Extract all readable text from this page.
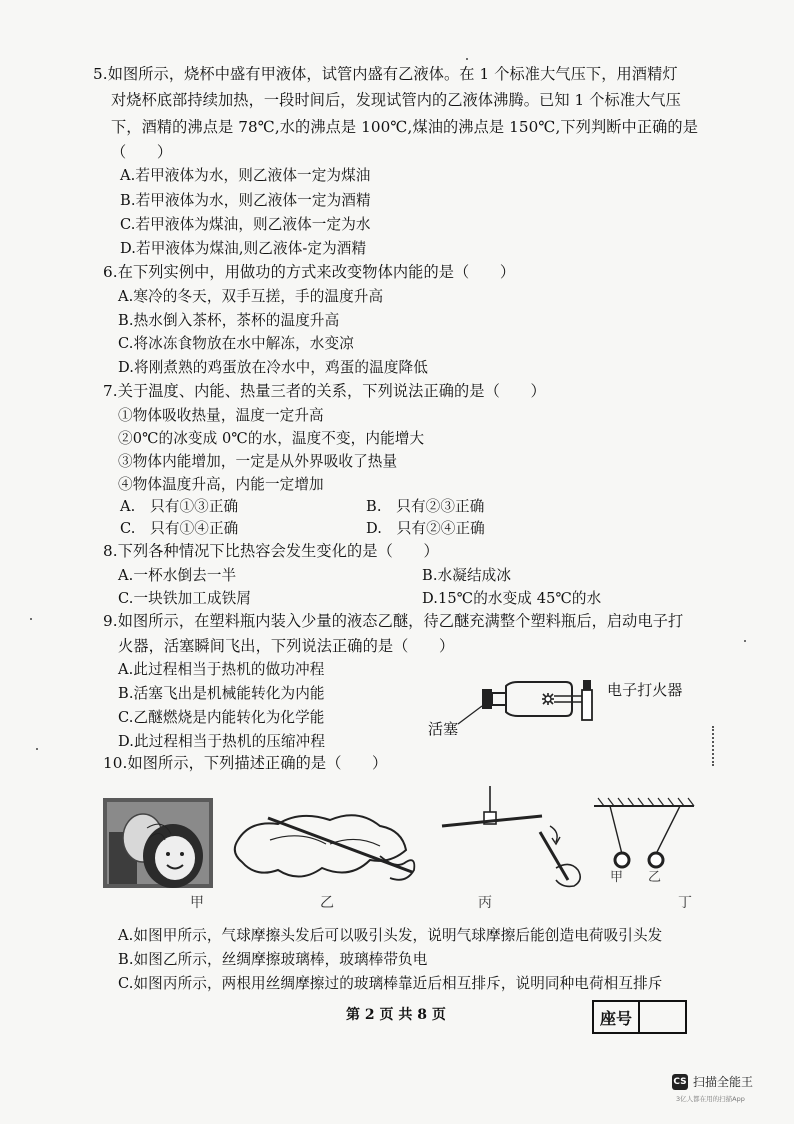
5.如图所示，烧杯中盛有甲液体，试管内盛有乙液体。在 1 个标准大气压下，用酒精灯
对烧杯底部持续加热，一段时间后，发现试管内的乙液体沸腾。已知 1 个标准大气压
下，酒精的沸点是 78℃,水的沸点是 100℃,煤油的沸点是 150℃,下列判断中正确的是
（　　）
A.若甲液体为水，则乙液体一定为煤油
B.若甲液体为水，则乙液体一定为酒精
C.若甲液体为煤油，则乙液体一定为水
D.若甲液体为煤油,则乙液体-定为酒精
6.在下列实例中，用做功的方式来改变物体内能的是（　　）
A.寒冷的冬天，双手互搓，手的温度升高
B.热水倒入茶杯，茶杯的温度升高
C.将冰冻食物放在水中解冻，水变凉
D.将刚煮熟的鸡蛋放在冷水中，鸡蛋的温度降低
7.关于温度、内能、热量三者的关系，下列说法正确的是（　　）
①物体吸收热量，温度一定升高
②0℃的冰变成 0℃的水，温度不变，内能增大
③物体内能增加，一定是从外界吸收了热量
④物体温度升高，内能一定增加
A.　只有①③正确	B.　只有②③正确
C.　只有①④正确	D.　只有②④正确
8.下列各种情况下比热容会发生变化的是（　　）
A.一杯水倒去一半	B.水凝结成冰
C.一块铁加工成铁屑	D.15℃的水变成 45℃的水
9.如图所示，在塑料瓶内装入少量的液态乙醚，待乙醚充满整个塑料瓶后，启动电子打
火器，活塞瞬间飞出，下列说法正确的是（　　）
A.此过程相当于热机的做功冲程
B.活塞飞出是机械能转化为内能
C.乙醚燃烧是内能转化为化学能
D.此过程相当于热机的压缩冲程
电子打火器
活塞
10.如图所示，下列描述正确的是（　　）
甲 乙
甲	乙	丙	丁
A.如图甲所示，气球摩擦头发后可以吸引头发，说明气球摩擦后能创造电荷吸引头发
B.如图乙所示，丝绸摩擦玻璃棒，玻璃棒带负电
C.如图丙所示，两根用丝绸摩擦过的玻璃棒靠近后相互排斥，说明同种电荷相互排斥
第 2 页 共 8 页	座号
CS 扫描全能王
3亿人都在用的扫描App
